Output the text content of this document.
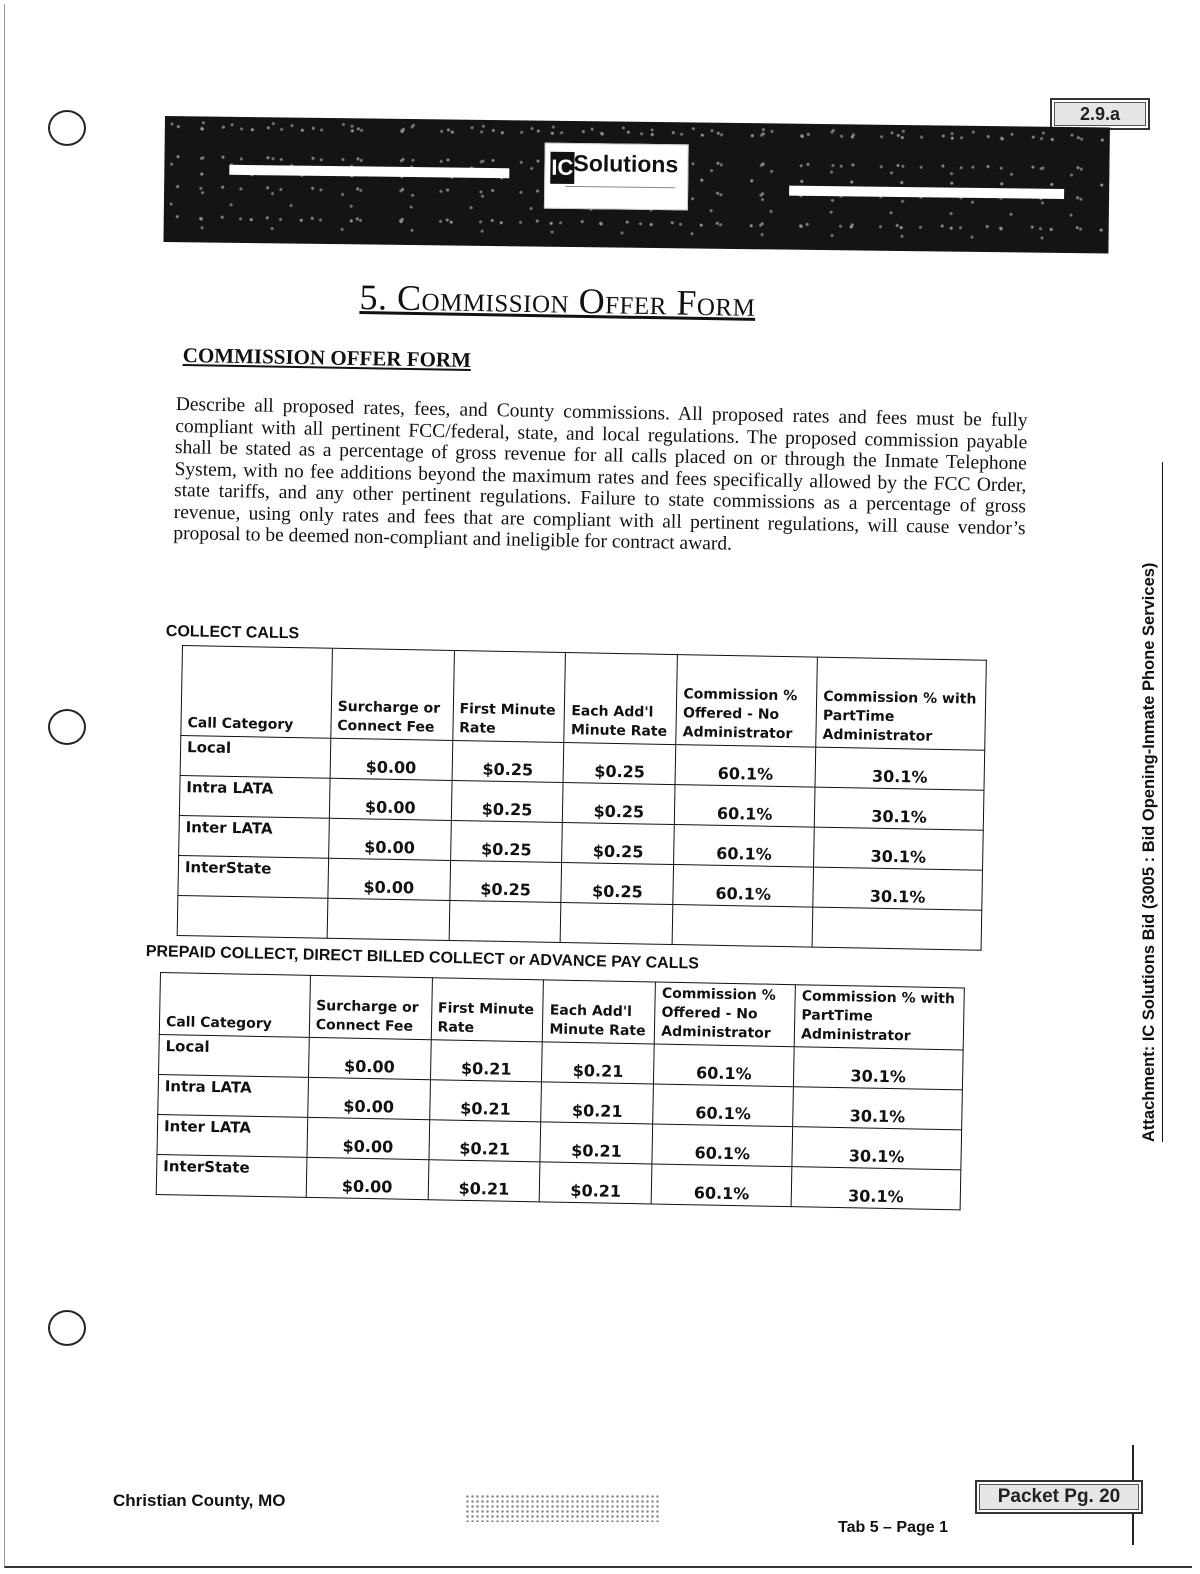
2.9.a
IC Solutions
5. Commission Offer Form
COMMISSION OFFER FORM
Describe all proposed rates, fees, and County commissions. All proposed rates and fees must be fully compliant with all pertinent FCC/federal, state, and local regulations. The proposed commission payable shall be stated as a percentage of gross revenue for all calls placed on or through the Inmate Telephone System, with no fee additions beyond the maximum rates and fees specifically allowed by the FCC Order, state tariffs, and any other pertinent regulations. Failure to state commissions as a percentage of gross revenue, using only rates and fees that are compliant with all pertinent regulations, will cause vendor’s proposal to be deemed non-compliant and ineligible for contract award.
COLLECT CALLS
Call Category	Surcharge or Connect Fee	First Minute Rate	Each Add'l Minute Rate	Commission % Offered - No Administrator	Commission % with PartTime Administrator
Local	$0.00	$0.25	$0.25	60.1%	30.1%
Intra LATA	$0.00	$0.25	$0.25	60.1%	30.1%
Inter LATA	$0.00	$0.25	$0.25	60.1%	30.1%
InterState	$0.00	$0.25	$0.25	60.1%	30.1%

PREPAID COLLECT, DIRECT BILLED COLLECT or ADVANCE PAY CALLS
Call Category	Surcharge or Connect Fee	First Minute Rate	Each Add'l Minute Rate	Commission % Offered - No Administrator	Commission % with PartTime Administrator
Local	$0.00	$0.21	$0.21	60.1%	30.1%
Intra LATA	$0.00	$0.21	$0.21	60.1%	30.1%
Inter LATA	$0.00	$0.21	$0.21	60.1%	30.1%
InterState	$0.00	$0.21	$0.21	60.1%	30.1%
Attachment: IC Solutions Bid (3005 : Bid Opening-Inmate Phone Services)
Christian County, MO
Tab 5 – Page 1
Packet Pg. 20
